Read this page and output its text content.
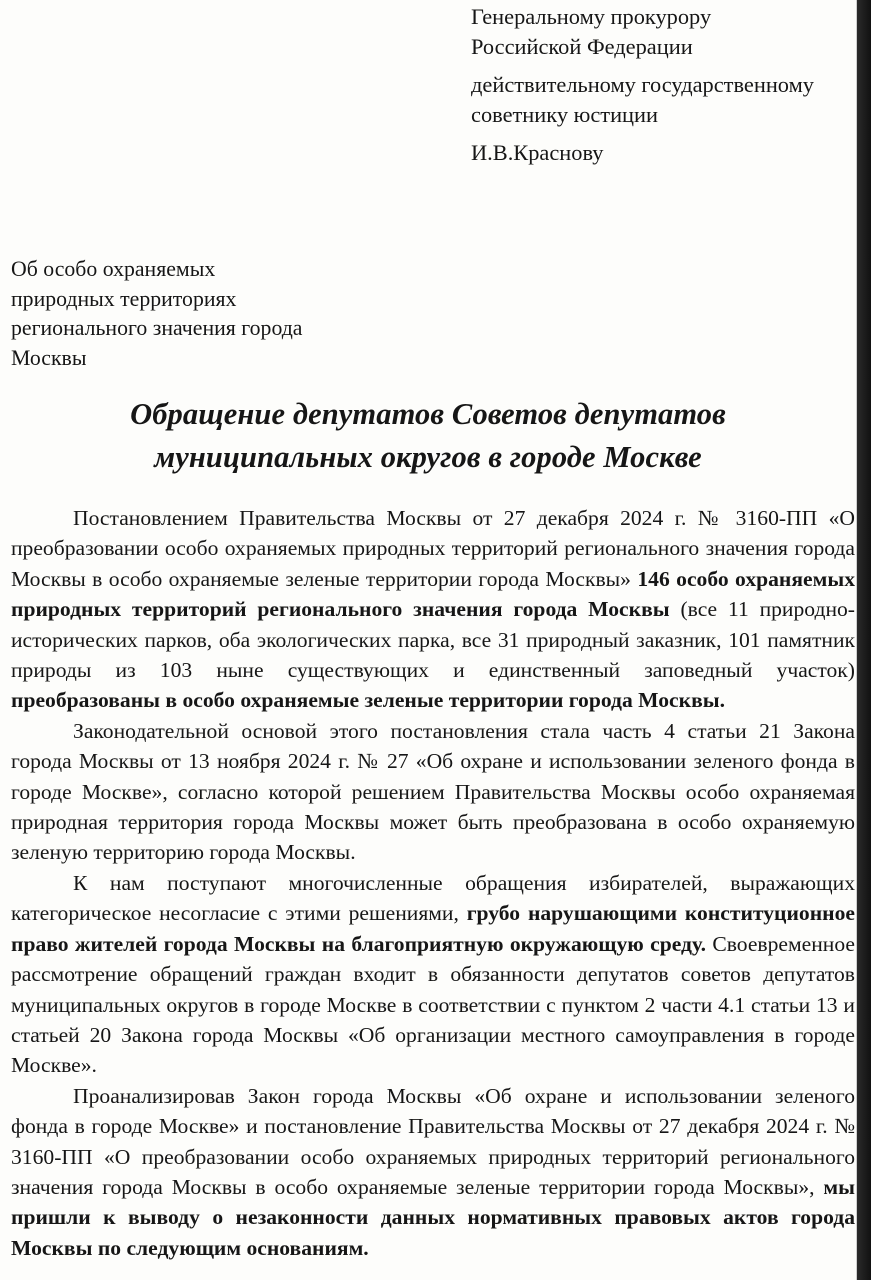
Генеральному прокурору
Российской Федерации
действительному государственному
советнику юстиции
И.В.Краснову
Об особо охраняемых
природных территориях
регионального значения города
Москвы
Обращение депутатов Советов депутатов
муниципальных округов в городе Москве

Постановлением Правительства Москвы от 27 декабря 2024 г. № 3160-ПП «О преобразовании особо охраняемых природных территорий регионального значения города Москвы в особо охраняемые зеленые территории города Москвы» 146 особо охраняемых природных территорий регионального значения города Москвы (все 11 природно-исторических парков, оба экологических парка, все 31 природный заказник, 101 памятник природы из 103 ныне существующих и единственный заповедный участок) преобразованы в особо охраняемые зеленые территории города Москвы.

Законодательной основой этого постановления стала часть 4 статьи 21 Закона города Москвы от 13 ноября 2024 г. № 27 «Об охране и использовании зеленого фонда в городе Москве», согласно которой решением Правительства Москвы особо охраняемая природная территория города Москвы может быть преобразована в особо охраняемую зеленую территорию города Москвы.

К нам поступают многочисленные обращения избирателей, выражающих категорическое несогласие с этими решениями, грубо нарушающими конституционное право жителей города Москвы на благоприятную окружающую среду. Своевременное рассмотрение обращений граждан входит в обязанности депутатов советов депутатов муниципальных округов в городе Москве в соответствии с пунктом 2 части 4.1 статьи 13 и статьей 20 Закона города Москвы «Об организации местного самоуправления в городе Москве».

Проанализировав Закон города Москвы «Об охране и использовании зеленого фонда в городе Москве» и постановление Правительства Москвы от 27 декабря 2024 г. № 3160-ПП «О преобразовании особо охраняемых природных территорий регионального значения города Москвы в особо охраняемые зеленые территории города Москвы», мы пришли к выводу о незаконности данных нормативных правовых актов города Москвы по следующим основаниям.
